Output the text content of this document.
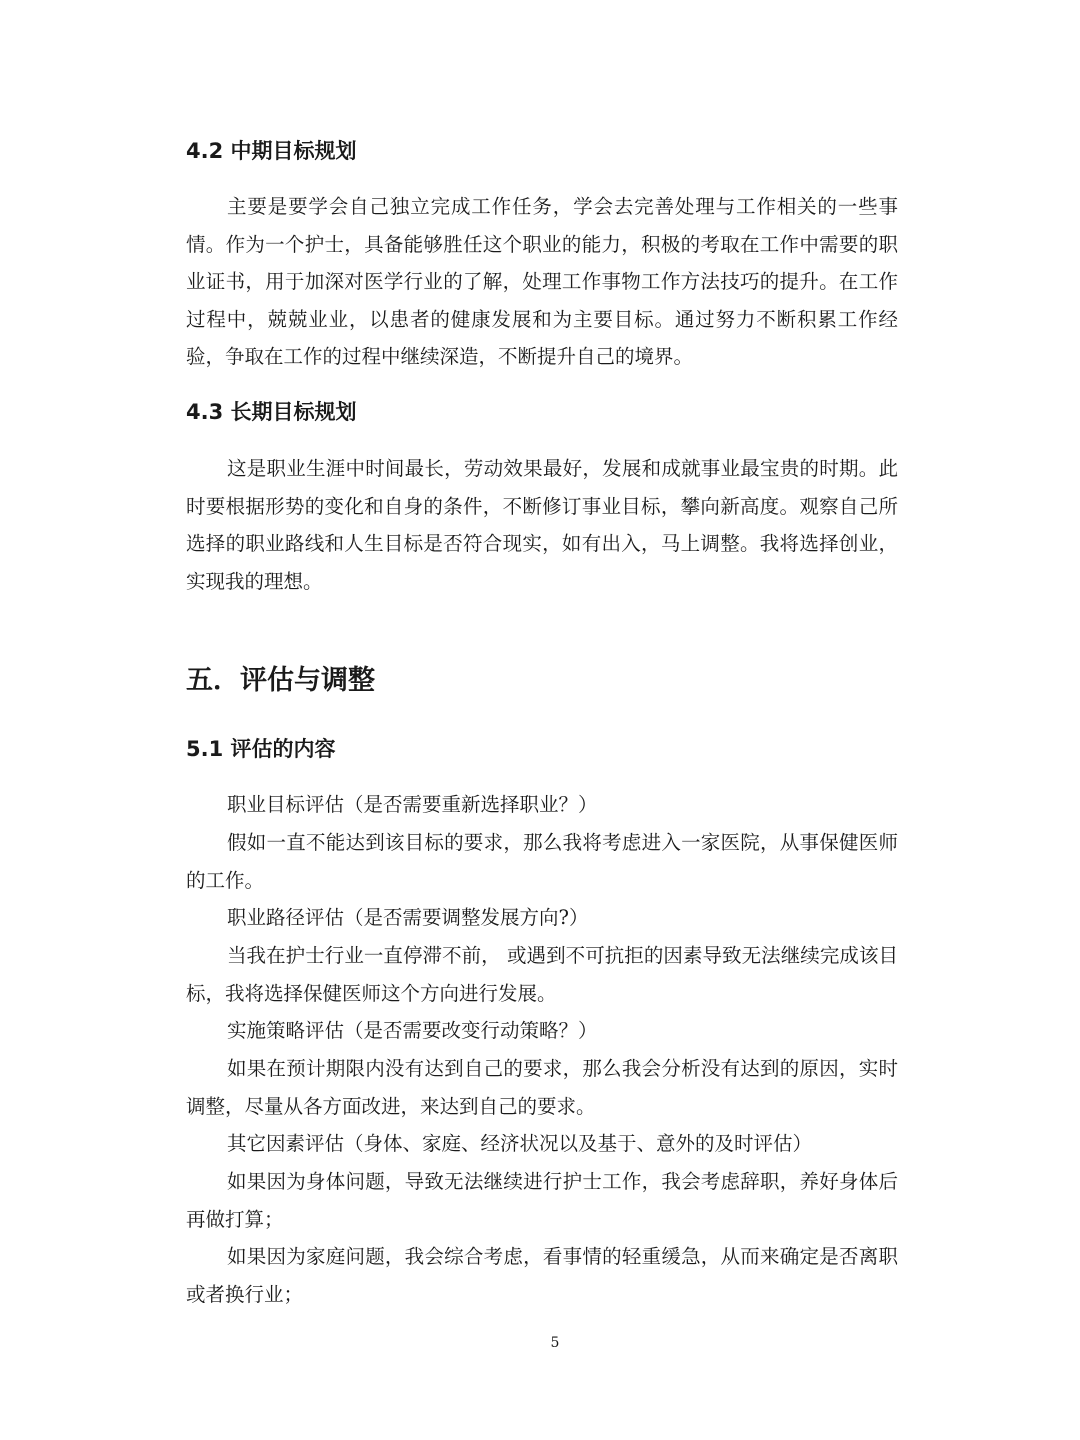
4.2 中期目标规划

主要是要学会自己独立完成工作任务，学会去完善处理与工作相关的一些事情。作为一个护士，具备能够胜任这个职业的能力，积极的考取在工作中需要的职业证书，用于加深对医学行业的了解，处理工作事物工作方法技巧的提升。在工作过程中，兢兢业业，以患者的健康发展和为主要目标。通过努力不断积累工作经验，争取在工作的过程中继续深造，不断提升自己的境界。

4.3 长期目标规划

这是职业生涯中时间最长，劳动效果最好，发展和成就事业最宝贵的时期。此时要根据形势的变化和自身的条件，不断修订事业目标，攀向新高度。观察自己所选择的职业路线和人生目标是否符合现实，如有出入，马上调整。我将选择创业，实现我的理想。

五．评估与调整
5.1 评估的内容

职业目标评估（是否需要重新选择职业？）

假如一直不能达到该目标的要求，那么我将考虑进入一家医院，从事保健医师的工作。

职业路径评估（是否需要调整发展方向?）

当我在护士行业一直停滞不前， 或遇到不可抗拒的因素导致无法继续完成该目标，我将选择保健医师这个方向进行发展。

实施策略评估（是否需要改变行动策略？）

如果在预计期限内没有达到自己的要求，那么我会分析没有达到的原因，实时调整，尽量从各方面改进，来达到自己的要求。

其它因素评估（身体、家庭、经济状况以及基于、意外的及时评估）

如果因为身体问题，导致无法继续进行护士工作，我会考虑辞职，养好身体后再做打算；

如果因为家庭问题，我会综合考虑，看事情的轻重缓急，从而来确定是否离职或者换行业；

5
